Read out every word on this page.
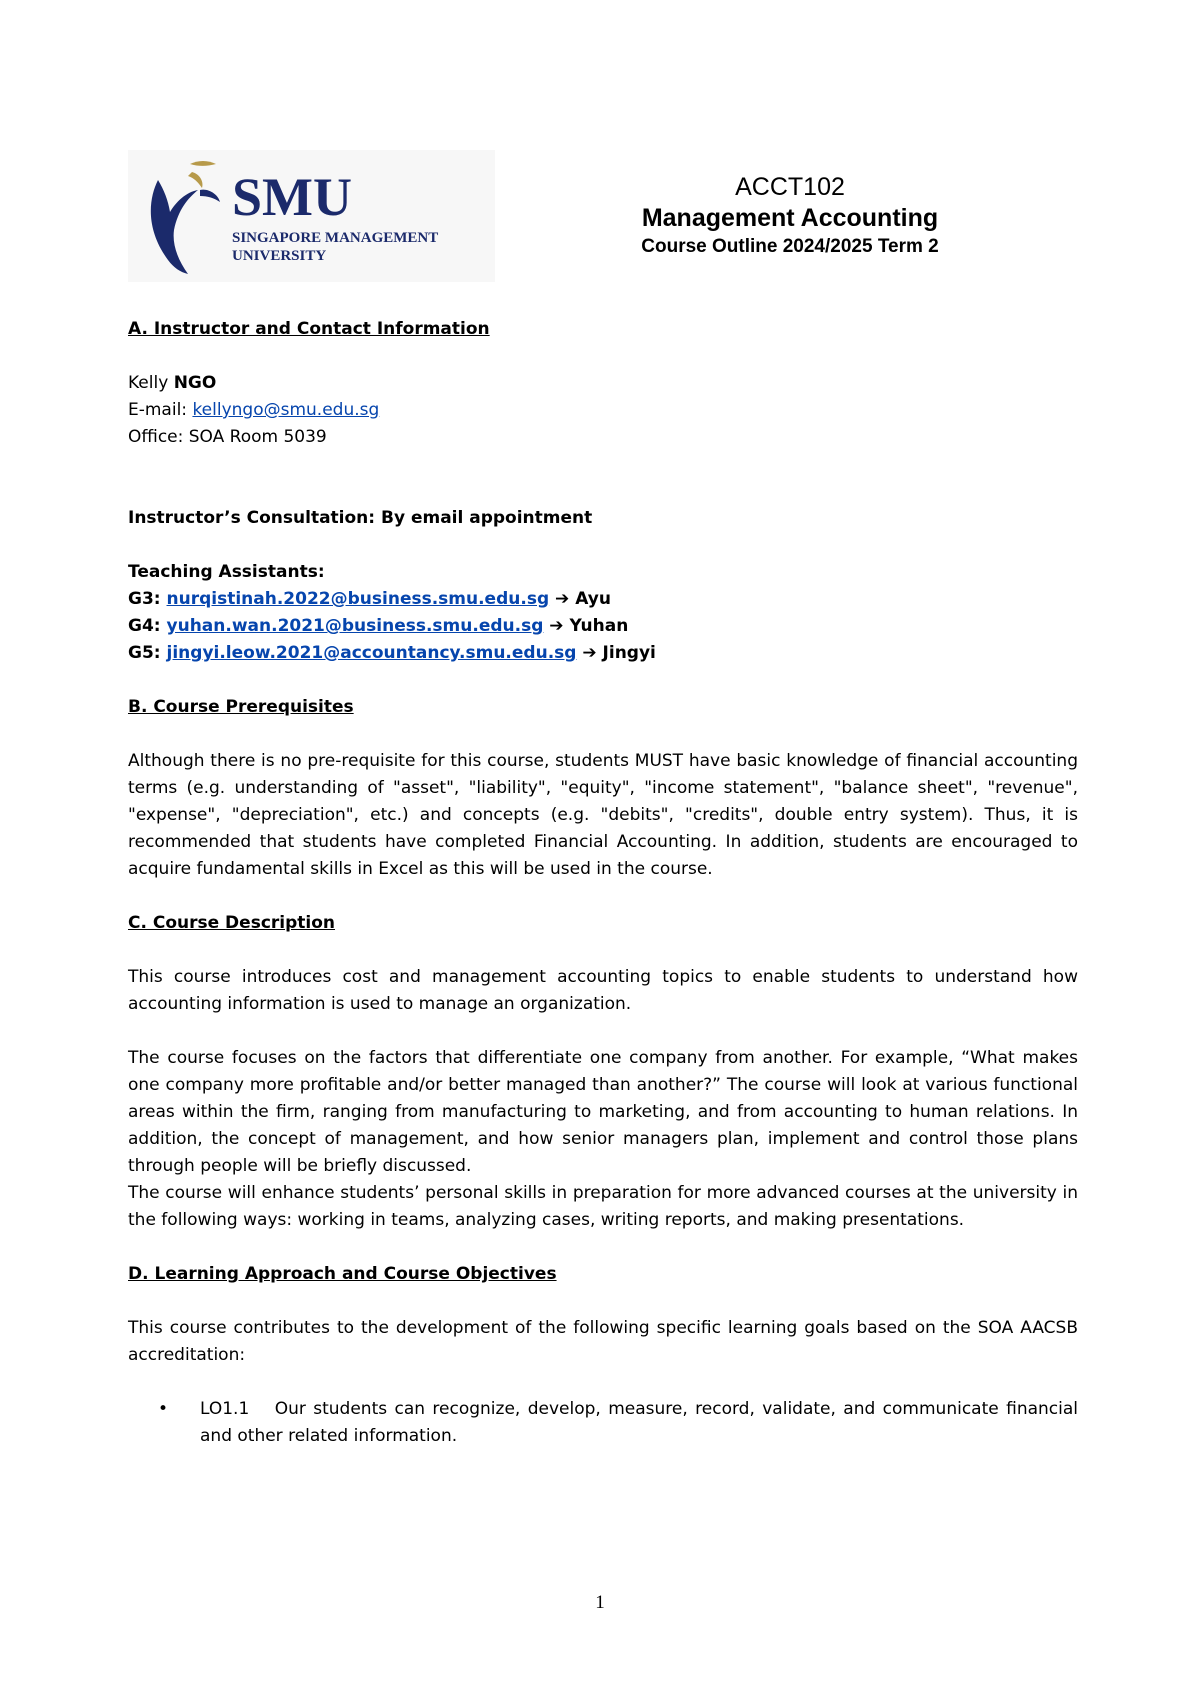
SMU
SINGAPORE MANAGEMENT
UNIVERSITY
ACCT102
Management Accounting
Course Outline 2024/2025 Term 2
A. Instructor and Contact Information
Kelly NGO
E-mail: kellyngo@smu.edu.sg
Office: SOA Room 5039
Instructor’s Consultation: By email appointment
Teaching Assistants:
G3: nurqistinah.2022@business.smu.edu.sg ➔ Ayu
G4: yuhan.wan.2021@business.smu.edu.sg ➔ Yuhan
G5: jingyi.leow.2021@accountancy.smu.edu.sg ➔ Jingyi
B. Course Prerequisites
Although there is no pre-requisite for this course, students MUST have basic knowledge of financial accounting terms (e.g. understanding of "asset", "liability", "equity", "income statement", "balance sheet", "revenue", "expense", "depreciation", etc.) and concepts (e.g. "debits", "credits", double entry system). Thus, it is recommended that students have completed Financial Accounting. In addition, students are encouraged to acquire fundamental skills in Excel as this will be used in the course.
C. Course Description
This course introduces cost and management accounting topics to enable students to understand how accounting information is used to manage an organization.
The course focuses on the factors that differentiate one company from another. For example, “What makes one company more profitable and/or better managed than another?” The course will look at various functional areas within the firm, ranging from manufacturing to marketing, and from accounting to human relations. In addition, the concept of management, and how senior managers plan, implement and control those plans through people will be briefly discussed.
The course will enhance students’ personal skills in preparation for more advanced courses at the university in the following ways: working in teams, analyzing cases, writing reports, and making presentations.
D. Learning Approach and Course Objectives
This course contributes to the development of the following specific learning goals based on the SOA AACSB accreditation:
• LO1.1 Our students can recognize, develop, measure, record, validate, and communicate financial and other related information.
1
